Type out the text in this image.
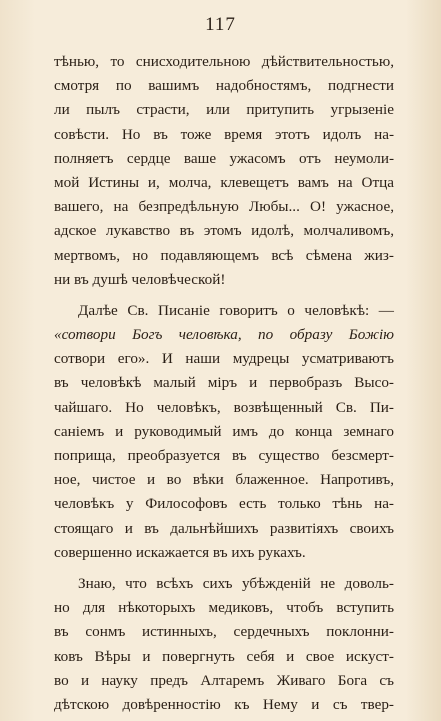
117
тѣнью, то снисходительною дѣйствительностью,
смотря по вашимъ надобностямъ, подгнести
ли пылъ страсти, или притупить угрызеніе
совѣсти. Но въ тоже время этотъ идолъ на-
полняетъ сердце ваше ужасомъ отъ неумоли-
мой Истины и, молча, клевещетъ вамъ на Отца
вашего, на безпредѣльную Любы... О! ужасное,
адское лукавство въ этомъ идолѣ, молчаливомъ,
мертвомъ, но подавляющемъ всѣ сѣмена жиз-
ни въ душѣ человѣческой!
Далѣе Св. Писаніе говоритъ о человѣкѣ: —
«сотвори Богъ человѣка, по образу Божію
сотвори его». И наши мудрецы усматриваютъ
въ человѣкѣ малый міръ и первобразъ Высо-
чайшаго. Но человѣкъ, возвѣщенный Св. Пи-
саніемъ и руководимый имъ до конца земнаго
поприща, преобразуется въ существо безсмерт-
ное, чистое и во вѣки блаженное. Напротивъ,
человѣкъ у Философовъ есть только тѣнь на-
стоящаго и въ дальнѣйшихъ развитіяхъ своихъ
совершенно искажается въ ихъ рукахъ.
Знаю, что всѣхъ сихъ убѣжденій не доволь-
но для нѣкоторыхъ медиковъ, чтобъ вступить
въ сонмъ истинныхъ, сердечныхъ поклонни-
ковъ Вѣры и повергнуть себя и свое искуст-
во и науку предъ Алтаремъ Живаго Бога съ
дѣтскою довѣренностію къ Нему и съ твер-
